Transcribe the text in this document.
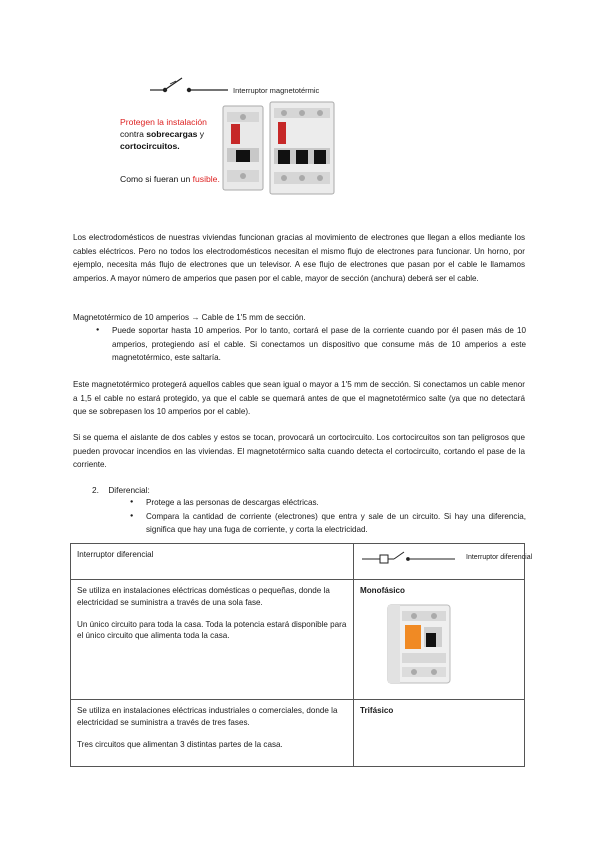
Interruptor magnetotérmic
Protegen la instalación contra sobrecargas y cortocircuitos.
Como si fueran un fusible.

Los electrodomésticos de nuestras viviendas funcionan gracias al movimiento de electrones que llegan a ellos mediante los cables eléctricos. Pero no todos los electrodomésticos necesitan el mismo flujo de electrones para funcionar. Un horno, por ejemplo, necesita más flujo de electrones que un televisor. A ese flujo de electrones que pasan por el cable le llamamos amperios. A mayor número de amperios que pasen por el cable, mayor de sección (anchura) deberá ser el cable.

Magnetotérmico de 10 amperios → Cable de 1'5 mm de sección.

● Puede soportar hasta 10 amperios. Por lo tanto, cortará el pase de la corriente cuando por él pasen más de 10 amperios, protegiendo así el cable. Si conectamos un dispositivo que consume más de 10 amperios a este magnetotérmico, este saltaría.

Este magnetotérmico protegerá aquellos cables que sean igual o mayor a 1'5 mm de sección. Si conectamos un cable menor a 1,5 el cable no estará protegido, ya que el cable se quemará antes de que el magnetotérmico salte (ya que no detectará que se sobrepasen los 10 amperios por el cable).

Si se quema el aislante de dos cables y estos se tocan, provocará un cortocircuito. Los cortocircuitos son tan peligrosos que pueden provocar incendios en las viviendas. El magnetotérmico salta cuando detecta el cortocircuito, cortando el pase de la corriente.

2. Diferencial:
● Protege a las personas de descargas eléctricas.
● Compara la cantidad de corriente (electrones) que entra y sale de un circuito. Si hay una diferencia, significa que hay una fuga de corriente, y corta la electricidad.
Interruptor diferencial	Interruptor diferencial

Se utiliza en instalaciones eléctricas domésticas o pequeñas, donde la electricidad se suministra a través de una sola fase.

Un único circuito para toda la casa. Toda la potencia estará disponible para el único circuito que alimenta toda la casa.	Monofásico

Se utiliza en instalaciones eléctricas industriales o comerciales, donde la electricidad se suministra a través de tres fases.

Tres circuitos que alimentan 3 distintas partes de la casa.	Trifásico
